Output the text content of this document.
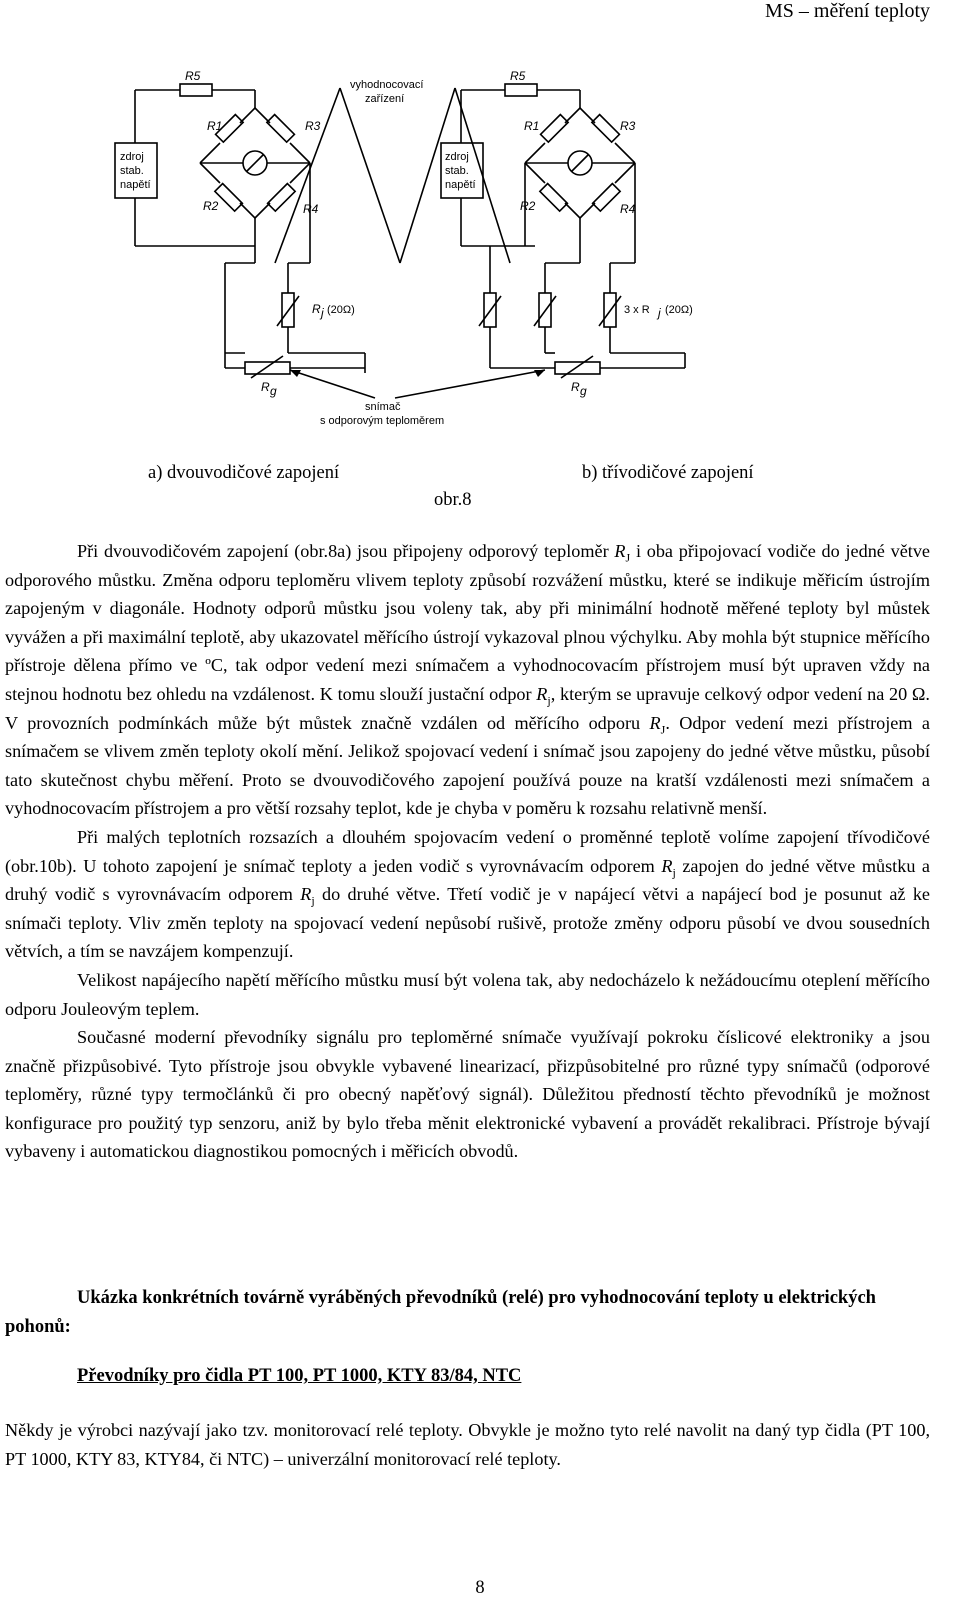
MS – měření teploty
R5
R1	R3
R2	R4
zdroj
stab.
napětí
zdroj
stab.
napětí
vyhodnocovací
zařízení
R5
R1	R3
R2	R4
R j (20Ω)	3 x R j (20Ω)
R g	R g
snímač
s odporovým teploměrem
a) dvouvodičové zapojení	b) třívodičové zapojení
obr.8

Při dvouvodičovém zapojení (obr.8a) jsou připojeny odporový teploměr $R_J$ i oba připojovací vodiče do jedné větve odporového můstku. Změna odporu teploměru vlivem teploty způsobí rozvážení můstku, které se indikuje měřicím ústrojím zapojeným v diagonále. Hodnoty odporů můstku jsou voleny tak, aby při minimální hodnotě měřené teploty byl můstek vyvážen a při maximální teplotě, aby ukazovatel měřícího ústrojí vykazoval plnou výchylku. Aby mohla být stupnice měřícího přístroje dělena přímo ve ºC, tak odpor vedení mezi snímačem a vyhodnocovacím přístrojem musí být upraven vždy na stejnou hodnotu bez ohledu na vzdálenost. K tomu slouží justační odpor $R_j$, kterým se upravuje celkový odpor vedení na 20 Ω. V provozních podmínkách může být můstek značně vzdálen od měřícího odporu $R_J$. Odpor vedení mezi přístrojem a snímačem se vlivem změn teploty okolí mění. Jelikož spojovací vedení i snímač jsou zapojeny do jedné větve můstku, působí tato skutečnost chybu měření. Proto se dvouvodičového zapojení používá pouze na kratší vzdálenosti mezi snímačem a vyhodnocovacím přístrojem a pro větší rozsahy teplot, kde je chyba v poměru k rozsahu relativně menší.

Při malých teplotních rozsazích a dlouhém spojovacím vedení o proměnné teplotě volíme zapojení třívodičové (obr.10b). U tohoto zapojení je snímač teploty a jeden vodič s vyrovnávacím odporem $R_j$ zapojen do jedné větve můstku a druhý vodič s vyrovnávacím odporem $R_j$ do druhé větve. Třetí vodič je v napájecí větvi a napájecí bod je posunut až ke snímači teploty. Vliv změn teploty na spojovací vedení nepůsobí rušivě, protože změny odporu působí ve dvou sousedních větvích, a tím se navzájem kompenzují.

Velikost napájecího napětí měřícího můstku musí být volena tak, aby nedocházelo k nežádoucímu oteplení měřícího odporu Jouleovým teplem.

Současné moderní převodníky signálu pro teploměrné snímače využívají pokroku číslicové elektroniky a jsou značně přizpůsobivé. Tyto přístroje jsou obvykle vybavené linearizací, přizpůsobitelné pro různé typy snímačů (odporové teploměry, různé typy termočlánků či pro obecný napěťový signál). Důležitou předností těchto převodníků je možnost konfigurace pro použitý typ senzoru, aniž by bylo třeba měnit elektronické vybavení a provádět rekalibraci. Přístroje bývají vybaveny i automatickou diagnostikou pomocných i měřicích obvodů.

Ukázka konkrétních továrně vyráběných převodníků (relé) pro vyhodnocování teploty u elektrických pohonů:
Převodníky pro čidla PT 100, PT 1000, KTY 83/84, NTC
Někdy je výrobci nazývají jako tzv. monitorovací relé teploty. Obvykle je možno tyto relé navolit na daný typ čidla (PT 100, PT 1000, KTY 83, KTY84, či NTC) – univerzální monitorovací relé teploty.
8
